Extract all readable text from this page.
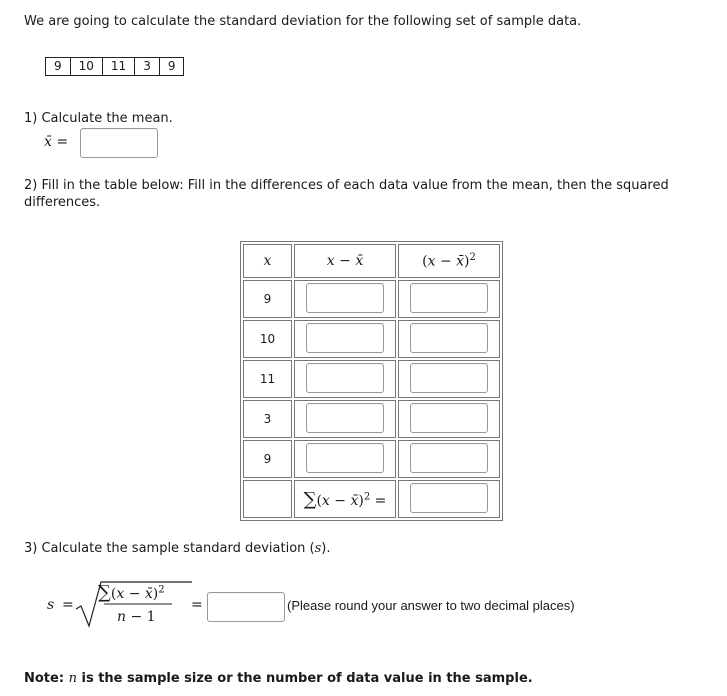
We are going to calculate the standard deviation for the following set of sample data.
9	10	11	3	9
1) Calculate the mean.
x̄ =
2) Fill in the table below: Fill in the differences of each data value from the mean, then the squared differences.
x	x − x̄	(x − x̄)$^2$
9		
10		
11		
3		
9		
	∑(x − x̄)$^2$ =	
3) Calculate the sample standard deviation (s).
s =
∑(x − x̄)$^2$
n − 1
=	(Please round your answer to two decimal places)
Note: n is the sample size or the number of data value in the sample.
